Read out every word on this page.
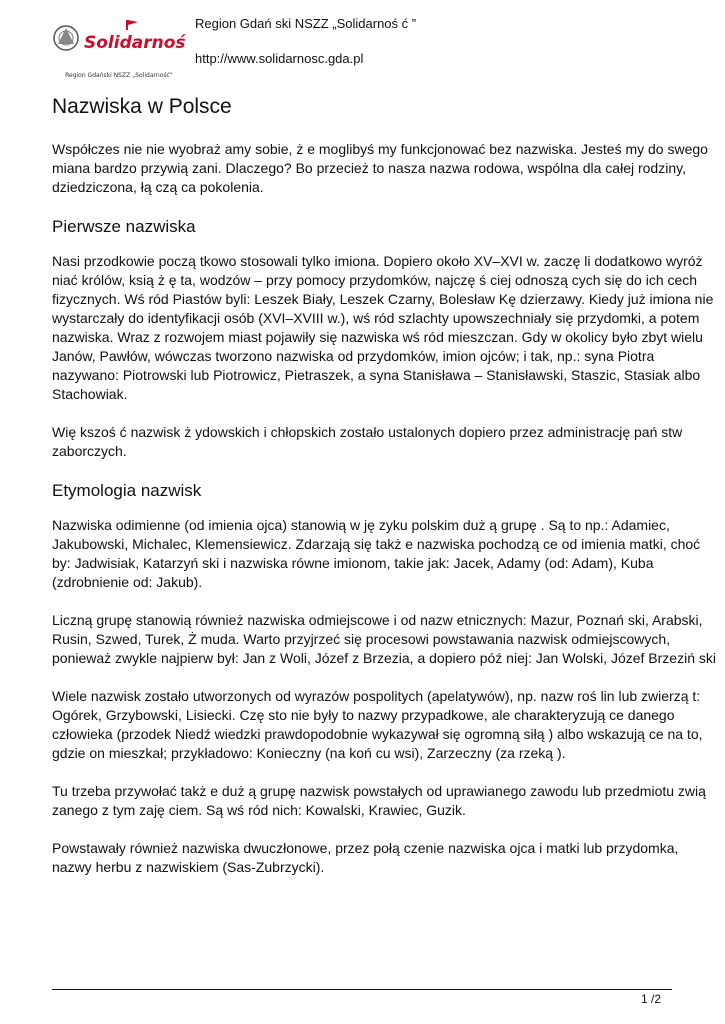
Solidarność
Region Gdański NSZZ „Solidarność”
Region Gdań ski NSZZ „Solidarnoś ć ”
http://www.solidarnosc.gda.pl
Nazwiska w Polsce

Współczes nie nie wyobraż amy sobie, ż e moglibyś my funkcjonować bez nazwiska. Jesteś my do swego miana bardzo przywią zani. Dlaczego? Bo przecież to nasza nazwa rodowa, wspólna dla całej rodziny, dziedziczona, łą czą ca pokolenia.

Pierwsze nazwiska

Nasi przodkowie począ tkowo stosowali tylko imiona. Dopiero około XV–XVI w. zaczę li dodatkowo wyróż niać królów, ksią ż ę ta, wodzów – przy pomocy przydomków, najczę ś ciej odnoszą cych się do ich cech fizycznych. Wś ród Piastów byli: Leszek Biały, Leszek Czarny, Bolesław Kę dzierzawy. Kiedy już imiona nie wystarczały do identyfikacji osób (XVI–XVIII w.), wś ród szlachty upowszechniały się przydomki, a potem nazwiska. Wraz z rozwojem miast pojawiły się nazwiska wś ród mieszczan. Gdy w okolicy było zbyt wielu Janów, Pawłów, wówczas tworzono nazwiska od przydomków, imion ojców; i tak, np.: syna Piotra nazywano: Piotrowski lub Piotrowicz, Pietraszek, a syna Stanisława – Stanisławski, Staszic, Stasiak albo Stachowiak.

Wię kszoś ć nazwisk ż ydowskich i chłopskich zostało ustalonych dopiero przez administrację pań stw zaborczych.

Etymologia nazwisk

Nazwiska odimienne (od imienia ojca) stanowią w ję zyku polskim duż ą grupę . Są to np.: Adamiec, Jakubowski, Michalec, Klemensiewicz. Zdarzają się takż e nazwiska pochodzą ce od imienia matki, choć by: Jadwisiak, Katarzyń ski i nazwiska równe imionom, takie jak: Jacek, Adamy (od: Adam), Kuba (zdrobnienie od: Jakub).

Liczną grupę stanowią również nazwiska odmiejscowe i od nazw etnicznych: Mazur, Poznań ski, Arabski, Rusin, Szwed, Turek, Ż muda. Warto przyjrzeć się procesowi powstawania nazwisk odmiejscowych, ponieważ zwykle najpierw był: Jan z Woli, Józef z Brzezia, a dopiero póź niej: Jan Wolski, Józef Brzeziń ski

Wiele nazwisk zostało utworzonych od wyrazów pospolitych (apelatywów), np. nazw roś lin lub zwierzą t: Ogórek, Grzybowski, Lisiecki. Czę sto nie były to nazwy przypadkowe, ale charakteryzują ce danego człowieka (przodek Niedź wiedzki prawdopodobnie wykazywał się ogromną siłą ) albo wskazują ce na to, gdzie on mieszkał; przykładowo: Konieczny (na koń cu wsi), Zarzeczny (za rzeką ).

Tu trzeba przywołać takż e duż ą grupę nazwisk powstałych od uprawianego zawodu lub przedmiotu zwią zanego z tym zaję ciem. Są wś ród nich: Kowalski, Krawiec, Guzik.

Powstawały również nazwiska dwuczłonowe, przez połą czenie nazwiska ojca i matki lub przydomka, nazwy herbu z nazwiskiem (Sas-Zubrzycki).

1 /2
